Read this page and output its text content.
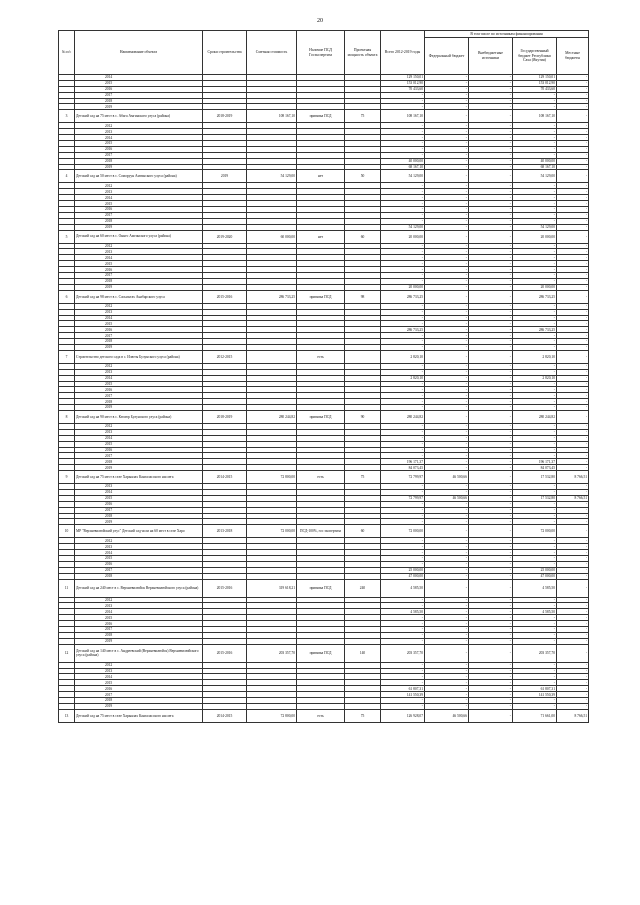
20
№ п/с	Наименование объекта	Сроки строительства	Сметная стоимость	Наличие ПСД Госэкспертиза	Проектная мощность объекта	Всего 2012-2019 годы	В том числе по источникам финансирования			
							Федеральный бюджет	Внебюджетные источники	Государственный бюджет Республики Саха (Якутия)	Местные бюджеты
	2014					129 150,01	-	-	129 150,01	-
	2015					153 012,90	-	-	153 012,90	-
	2016					70 433,60	-	-	70 433,60	-
	2017					-	-	-	-	-
	2018					-	-	-	-	-
	2019					-	-	-	-	-
3	Детский сад на 75 мест в с. Абага Амгинского улуса (района)	2018-2019	108 167,10	привязка ПСД	75	108 167,10	-	-	108 167,10	-
	2012					-	-	-	-	-
	2013					-	-	-	-	-
	2014					-	-	-	-	-
	2015					-	-	-	-	-
	2016					-	-	-	-	-
	2017					-	-	-	-	-
	2018					40 000,00	-	-	40 000,00	-
	2019					68 167,10	-	-	68 167,10	-
4	Детский сад на 50 мест в с. Соморуун Амгинского улуса (района)	2019	54 129,00	нет	50	54 129,00	-	-	54 129,00	-
	2012					-	-	-	-	-
	2013					-	-	-	-	-
	2014					-	-	-	-	-
	2015					-	-	-	-	-
	2016					-	-	-	-	-
	2017					-	-	-	-	-
	2018					-	-	-	-	-
	2019					54 129,00	-	-	54 129,00	-
5	Детский сад на 60 мест в с. Оннес Амгинского улуса (района)	2019-2020	60 000,00	нет	60	20 000,00	-	-	20 000,00	-
	2012					-	-	-	-	-
	2013					-	-	-	-	-
	2014					-	-	-	-	-
	2015					-	-	-	-	-
	2016					-	-	-	-	-
	2017					-	-	-	-	-
	2018					-	-	-	-	-
	2019					20 000,00	-	-	20 000,00	-
6	Детский сад на 98 мест в с. Сасыльтах Анабарского улуса	2015-2016	286 733,25	привязка ПСД	98	286 733,25	-	-	286 733,25	-
	2012					-	-	-	-	-
	2013					-	-	-	-	-
	2014					-	-	-	-	-
	2015					-	-	-	-	-
	2016					286 733,25	-	-	286 733,25	-
	2017					-	-	-	-	-
	2018					-	-	-	-	-
	2019					-	-	-	-	-
7	Строительство детского сада в с. Илюты Булунского улуса (района)	2012-2015		есть		2 820,10	-	-	2 820,10	-
	2012					-	-	-	-	-
	2013					-	-	-	-	-
	2014					2 820,10	-	-	2 820,10	-
	2015					-	-	-	-	-
	2016					-	-	-	-	-
	2017					-	-	-	-	-
	2018					-	-	-	-	-
	2019					-	-	-	-	-
8	Детский сад на 90 мест в с. Кюсюр Булунского улуса (района)	2018-2019	280 244,82	привязка ПСД	90	280 244,82	-	-	280 244,82	-
	2012					-	-	-	-	-
	2013					-	-	-	-	-
	2014					-	-	-	-	-
	2015					-	-	-	-	-
	2016					-	-	-	-	-
	2017					-	-	-	-	-
	2018					196 171,37	-	-	196 171,37	-
	2019					84 073,45	-	-	84 073,45	-
9	Детский сад на 75 мест в селе Харыялах Кангаласского наслега	2014-2015	72 800,00	есть	75	72 799,97	46 500,66	-	17 532,80	8 766,51
	2013					-	-	-	-	-
	2014					-	-	-	-	-
	2015					72 799,97	46 500,66	-	17 532,80	8 766,51
	2016					-	-	-	-	-
	2017					-	-	-	-	-
	2018					-	-	-	-	-
	2019					-	-	-	-	-
10	МР "Верхневилюйский улус" Детский сад-ясли на 60 мест в селе Харо	2013-2018	72 000,00	ПСД-100%, гос экспертиза	60	72 000,00	-	-	72 000,00	-
	2012					-	-	-	-	-
	2013					-	-	-	-	-
	2014					-	-	-	-	-
	2015					-	-	-	-	-
	2016					-	-	-	-	-
	2017					25 000,00	-	-	25 000,00	-
	2018					47 000,00	-	-	47 000,00	-
11	Детский сад на 240 мест в с. Верхневилюйск Верхневилюйского улуса (района)	2015-2016	319 618,21	привязка ПСД	240	4 585,50	-	-	4 585,50	-
	2012					-	-	-	-	-
	2013					-	-	-	-	-
	2014					4 585,50	-	-	4 585,50	-
	2015					-	-	-	-	-
	2016					-	-	-	-	-
	2017					-	-	-	-	-
	2018					-	-	-	-	-
	2019					-	-	-	-	-
12	Детский сад на 140 мест в с. Андреевский (Верхневилюйск) Верхневилюйского улуса (района)	2015-2016	203 357,70	привязка ПСД	140	203 357,70	-	-	203 357,70	-
	2012					-	-	-	-	-
	2013					-	-	-	-	-
	2014					-	-	-	-	-
	2015					-	-	-	-	-
	2016					61 807,31	-	-	61 807,31	-
	2017					141 550,39	-	-	141 550,39	-
	2018					-	-	-	-	-
	2019					-	-	-	-	-
13	Детский сад на 75 мест в селе Харыялах Кангаласского наслега	2014-2015	72 800,00	есть	75	126 928,07	46 500,66	-	71 661,00	8 766,51
